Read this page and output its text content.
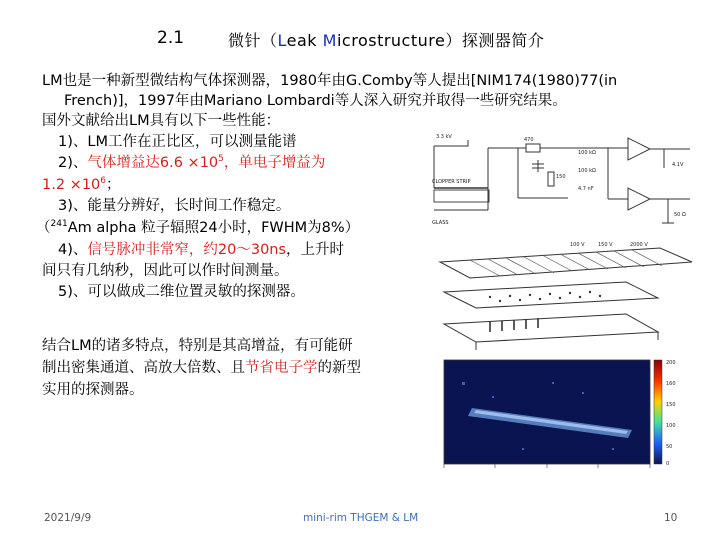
2.1	微针（Leak Microstructure）探测器简介
LM也是一种新型微结构气体探测器，1980年由G.Comby等人提出[NIM174(1980)77(in
French)]，1997年由Mariano Lombardi等人深入研究并取得一些研究结果。
国外文献给出LM具有以下一些性能：
1)、LM工作在正比区，可以测量能谱
2)、气体增益达$6.6 \times 10^5$，单电子增益为
$1.2 \times 10^6$；
3)、能量分辨好，长时间工作稳定。
（$^{241}$Am alpha 粒子辐照24小时，FWHM为8%）
4)、信号脉冲非常窄，约20～30ns，上升时
间只有几纳秒，因此可以作时间测量。
5)、可以做成二维位置灵敏的探测器。
结合LM的诸多特点，特别是其高增益，有可能研
制出密集通道、高放大倍数、且节省电子学的新型
实用的探测器。
CLOPPER STRIP
GLASS
3.3 kV	470
150
100 kΩ
4.7 nF
100 kΩ
4.1V
50 Ω
100 V	150 V	2000 V
200
160
150
100
50
0
2021/9/9	mini-rim THGEM & LM	10
